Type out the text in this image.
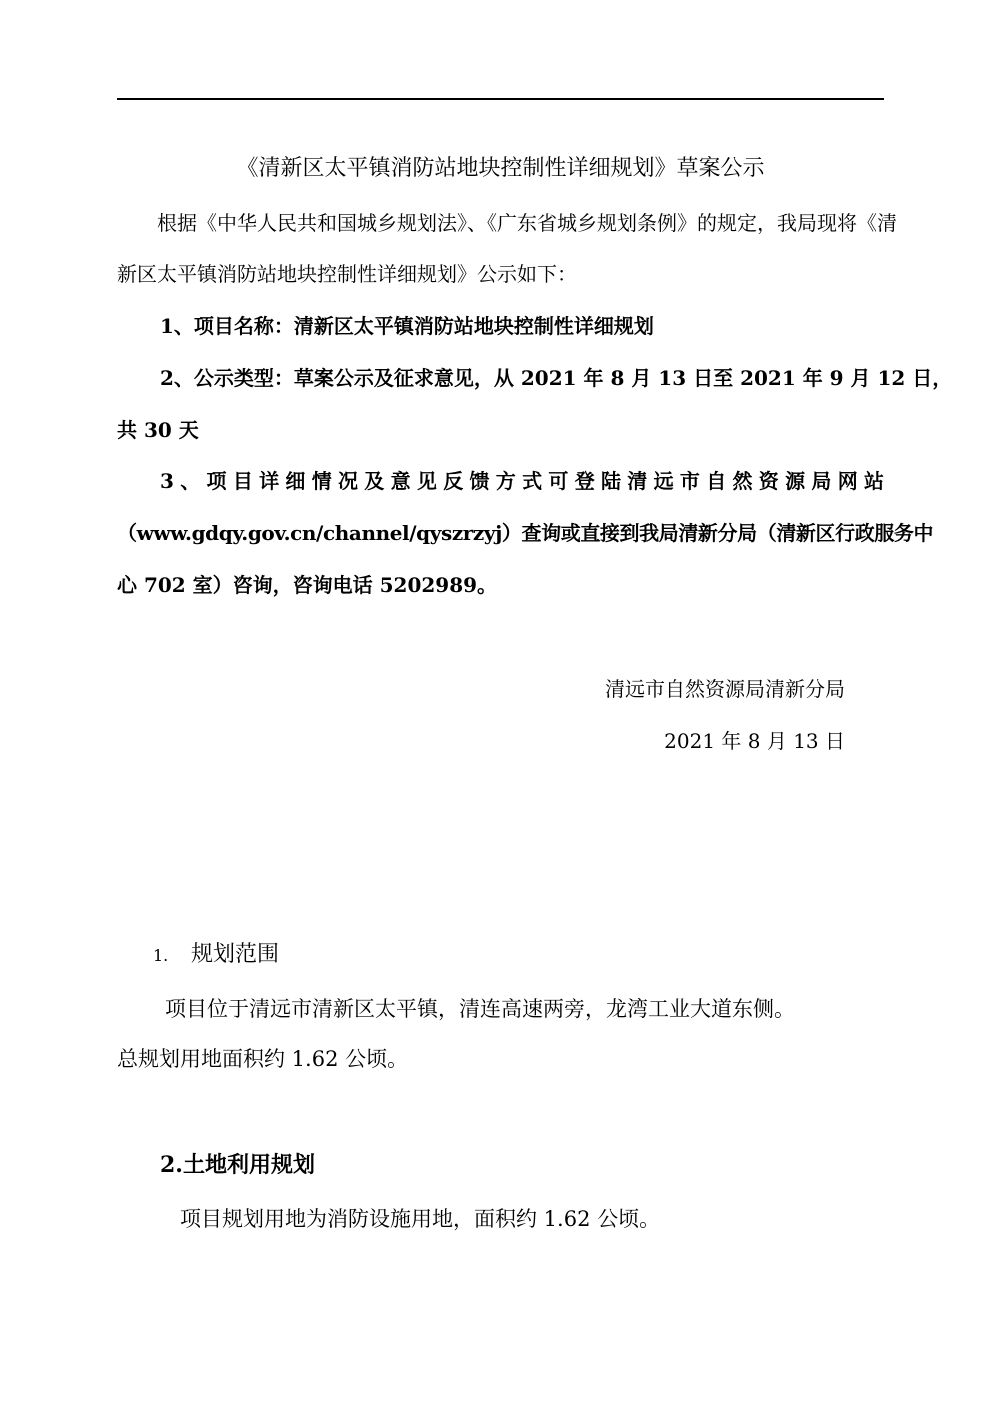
《清新区太平镇消防站地块控制性详细规划》草案公示
根据《中华人民共和国城乡规划法》、《广东省城乡规划条例》的规定，我局现将《清
新区太平镇消防站地块控制性详细规划》公示如下：
1、项目名称：清新区太平镇消防站地块控制性详细规划
2、公示类型：草案公示及征求意见，从 2021 年 8 月 13 日至 2021 年 9 月 12 日，
共 30 天
3、项目详细情况及意见反馈方式可登陆清远市自然资源局网站
（www.gdqy.gov.cn/channel/qyszrzyj）查询或直接到我局清新分局（清新区行政服务中
心 702 室）咨询，咨询电话 5202989。
清远市自然资源局清新分局
2021 年 8 月 13 日
1. 规划范围
项目位于清远市清新区太平镇，清连高速两旁，龙湾工业大道东侧。
总规划用地面积约 1.62 公顷。
2.土地利用规划
项目规划用地为消防设施用地，面积约 1.62 公顷。
